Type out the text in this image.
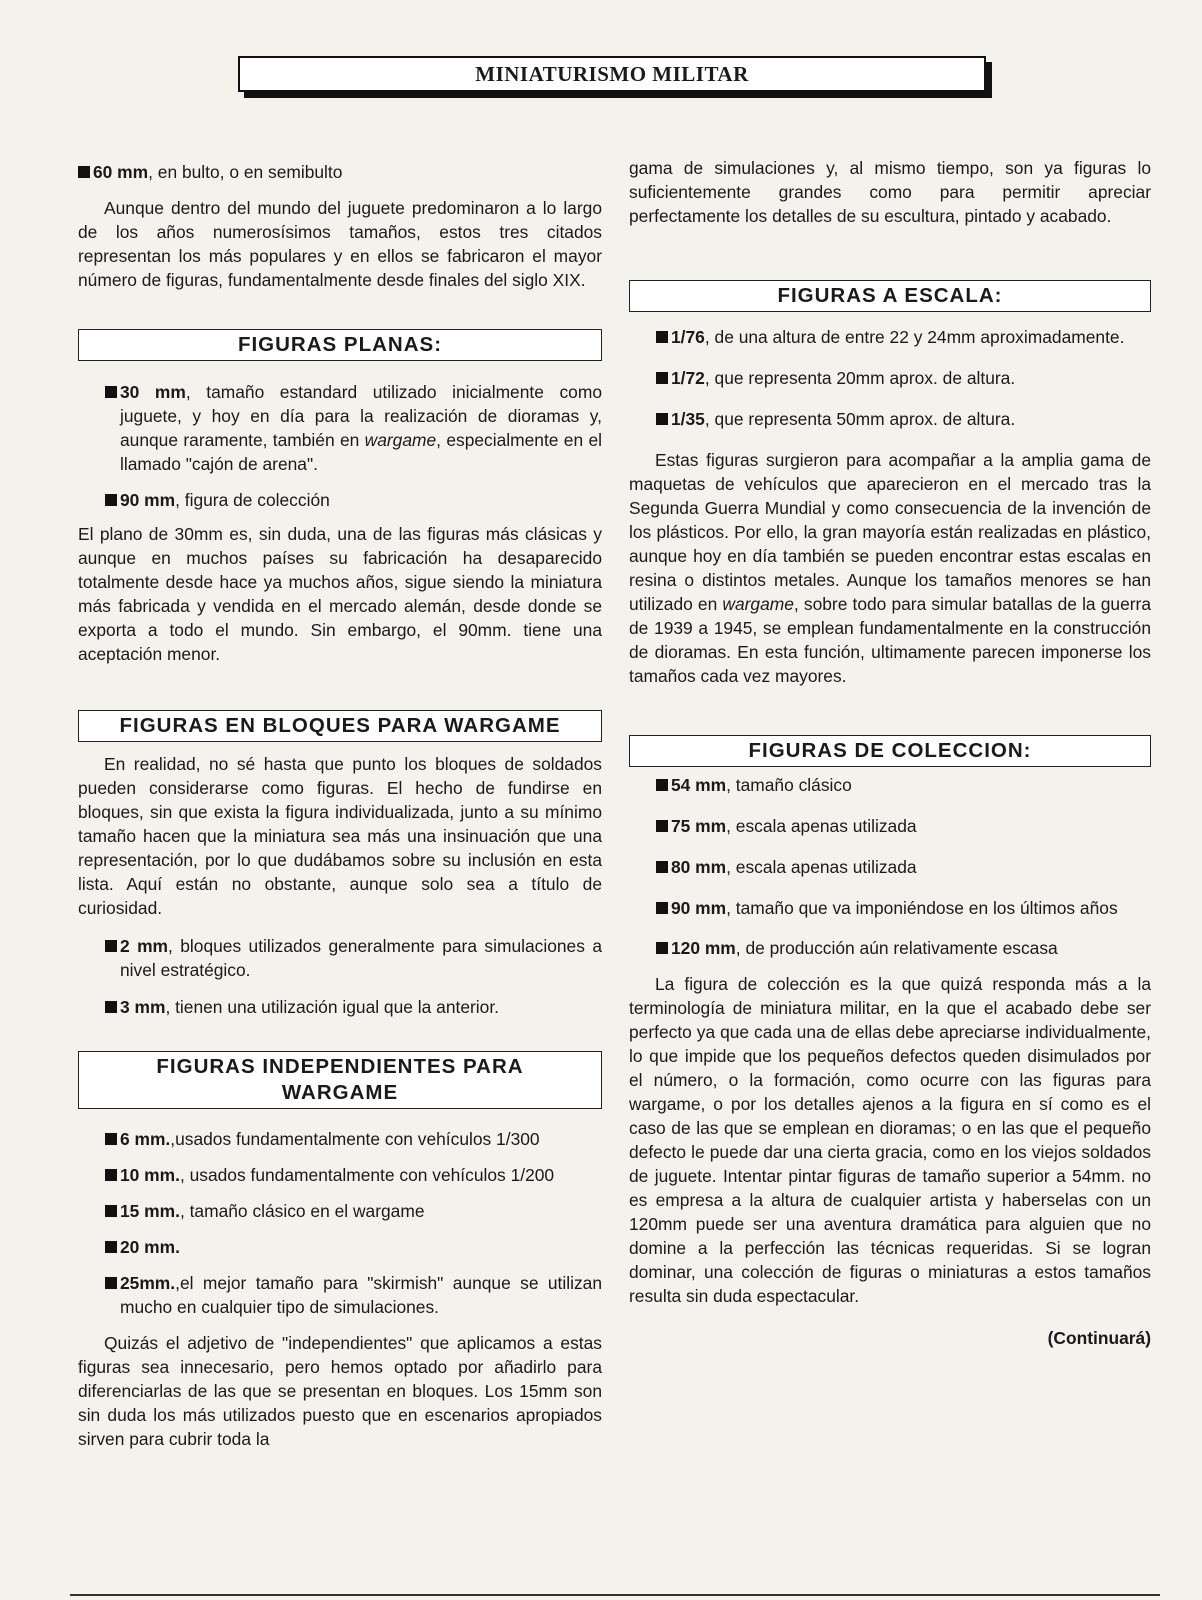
MINIATURISMO MILITAR
60 mm, en bulto, o en semibulto

Aunque dentro del mundo del juguete predominaron a lo largo de los años numerosísimos tamaños, estos tres citados representan los más populares y en ellos se fabricaron el mayor número de figuras, fundamentalmente desde finales del siglo XIX.

FIGURAS PLANAS:
30 mm, tamaño estandard utilizado inicialmente como juguete, y hoy en día para la realización de dioramas y, aunque raramente, también en wargame, especialmente en el llamado "cajón de arena".
90 mm, figura de colección

El plano de 30mm es, sin duda, una de las figuras más clásicas y aunque en muchos países su fabricación ha desaparecido totalmente desde hace ya muchos años, sigue siendo la miniatura más fabricada y vendida en el mercado alemán, desde donde se exporta a todo el mundo. Sin embargo, el 90mm. tiene una aceptación menor.

FIGURAS EN BLOQUES PARA WARGAME

En realidad, no sé hasta que punto los bloques de soldados pueden considerarse como figuras. El hecho de fundirse en bloques, sin que exista la figura individualizada, junto a su mínimo tamaño hacen que la miniatura sea más una insinuación que una representación, por lo que dudábamos sobre su inclusión en esta lista. Aquí están no obstante, aunque solo sea a título de curiosidad.

2 mm, bloques utilizados generalmente para simulaciones a nivel estratégico.
3 mm, tienen una utilización igual que la anterior.
FIGURAS INDEPENDIENTES PARA
WARGAME
6 mm.,usados fundamentalmente con vehículos 1/300
10 mm., usados fundamentalmente con vehículos 1/200
15 mm., tamaño clásico en el wargame
20 mm.
25mm.,el mejor tamaño para "skirmish" aunque se utilizan mucho en cualquier tipo de simulaciones.

Quizás el adjetivo de "independientes" que aplicamos a estas figuras sea innecesario, pero hemos optado por añadirlo para diferenciarlas de las que se presentan en bloques. Los 15mm son sin duda los más utilizados puesto que en escenarios apropiados sirven para cubrir toda la

gama de simulaciones y, al mismo tiempo, son ya figuras lo suficientemente grandes como para permitir apreciar perfectamente los detalles de su escultura, pintado y acabado.

FIGURAS A ESCALA:
1/76, de una altura de entre 22 y 24mm aproximadamente.
1/72, que representa 20mm aprox. de altura.
1/35, que representa 50mm aprox. de altura.

Estas figuras surgieron para acompañar a la amplia gama de maquetas de vehículos que aparecieron en el mercado tras la Segunda Guerra Mundial y como consecuencia de la invención de los plásticos. Por ello, la gran mayoría están realizadas en plástico, aunque hoy en día también se pueden encontrar estas escalas en resina o distintos metales. Aunque los tamaños menores se han utilizado en wargame, sobre todo para simular batallas de la guerra de 1939 a 1945, se emplean fundamentalmente en la construcción de dioramas. En esta función, ultimamente parecen imponerse los tamaños cada vez mayores.

FIGURAS DE COLECCION:
54 mm, tamaño clásico
75 mm, escala apenas utilizada
80 mm, escala apenas utilizada
90 mm, tamaño que va imponiéndose en los últimos años
120 mm, de producción aún relativamente escasa

La figura de colección es la que quizá responda más a la terminología de miniatura militar, en la que el acabado debe ser perfecto ya que cada una de ellas debe apreciarse individualmente, lo que impide que los pequeños defectos queden disimulados por el número, o la formación, como ocurre con las figuras para wargame, o por los detalles ajenos a la figura en sí como es el caso de las que se emplean en dioramas; o en las que el pequeño defecto le puede dar una cierta gracia, como en los viejos soldados de juguete. Intentar pintar figuras de tamaño superior a 54mm. no es empresa a la altura de cualquier artista y haberselas con un 120mm puede ser una aventura dramática para alguien que no domine a la perfección las técnicas requeridas. Si se logran dominar, una colección de figuras o miniaturas a estos tamaños resulta sin duda espectacular.

(Continuará)
